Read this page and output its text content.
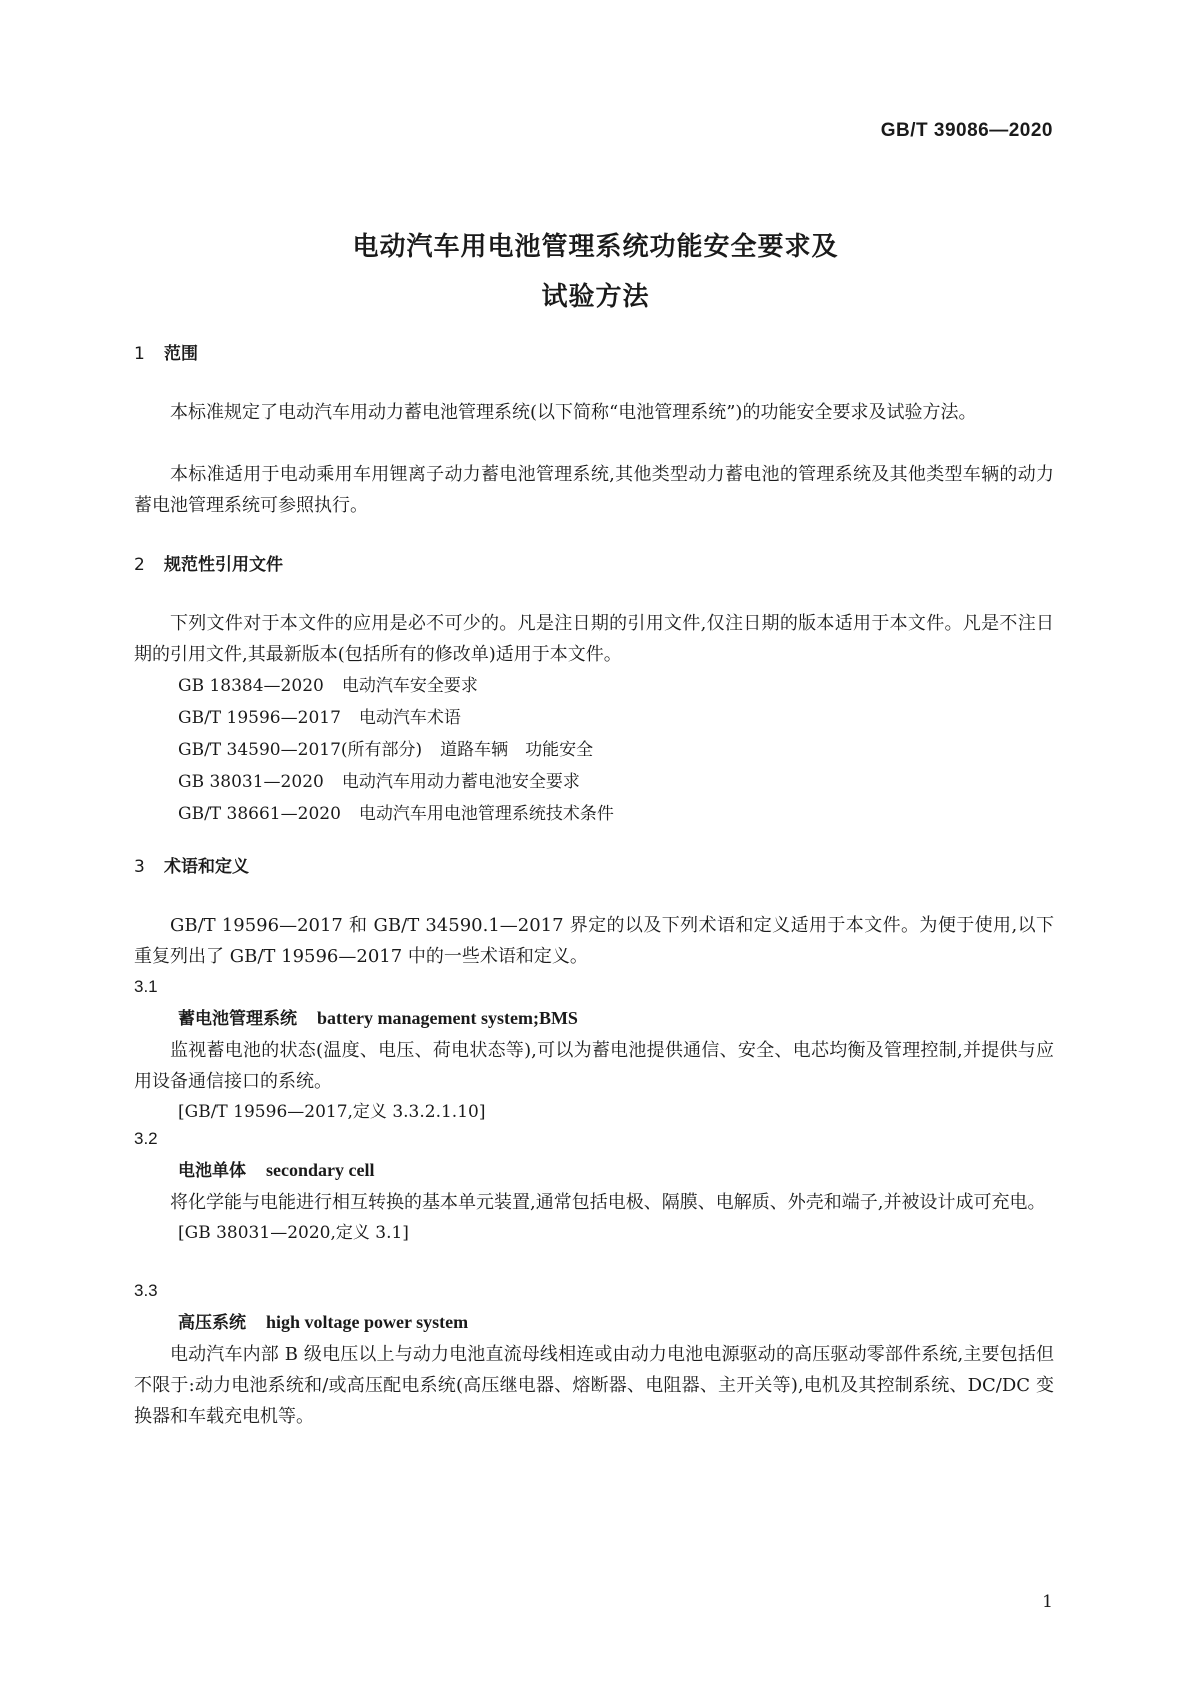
GB/T 39086—2020
电动汽车用电池管理系统功能安全要求及
试验方法
1 范围

本标准规定了电动汽车用动力蓄电池管理系统(以下简称“电池管理系统”)的功能安全要求及试验方法。

本标准适用于电动乘用车用锂离子动力蓄电池管理系统,其他类型动力蓄电池的管理系统及其他类型车辆的动力蓄电池管理系统可参照执行。

2 规范性引用文件

下列文件对于本文件的应用是必不可少的。凡是注日期的引用文件,仅注日期的版本适用于本文件。凡是不注日期的引用文件,其最新版本(包括所有的修改单)适用于本文件。

GB 18384—2020 电动汽车安全要求
GB/T 19596—2017 电动汽车术语
GB/T 34590—2017(所有部分) 道路车辆　功能安全
GB 38031—2020 电动汽车用动力蓄电池安全要求
GB/T 38661—2020 电动汽车用电池管理系统技术条件
3 术语和定义

GB/T 19596—2017 和 GB/T 34590.1—2017 界定的以及下列术语和定义适用于本文件。为便于使用,以下重复列出了 GB/T 19596—2017 中的一些术语和定义。

3.1
蓄电池管理系统 battery management system;BMS

监视蓄电池的状态(温度、电压、荷电状态等),可以为蓄电池提供通信、安全、电芯均衡及管理控制,并提供与应用设备通信接口的系统。

[GB/T 19596—2017,定义 3.3.2.1.10]
3.2
电池单体 secondary cell

将化学能与电能进行相互转换的基本单元装置,通常包括电极、隔膜、电解质、外壳和端子,并被设计成可充电。

[GB 38031—2020,定义 3.1]
3.3
高压系统 high voltage power system

电动汽车内部 B 级电压以上与动力电池直流母线相连或由动力电池电源驱动的高压驱动零部件系统,主要包括但不限于:动力电池系统和/或高压配电系统(高压继电器、熔断器、电阻器、主开关等),电机及其控制系统、DC/DC 变换器和车载充电机等。

1
